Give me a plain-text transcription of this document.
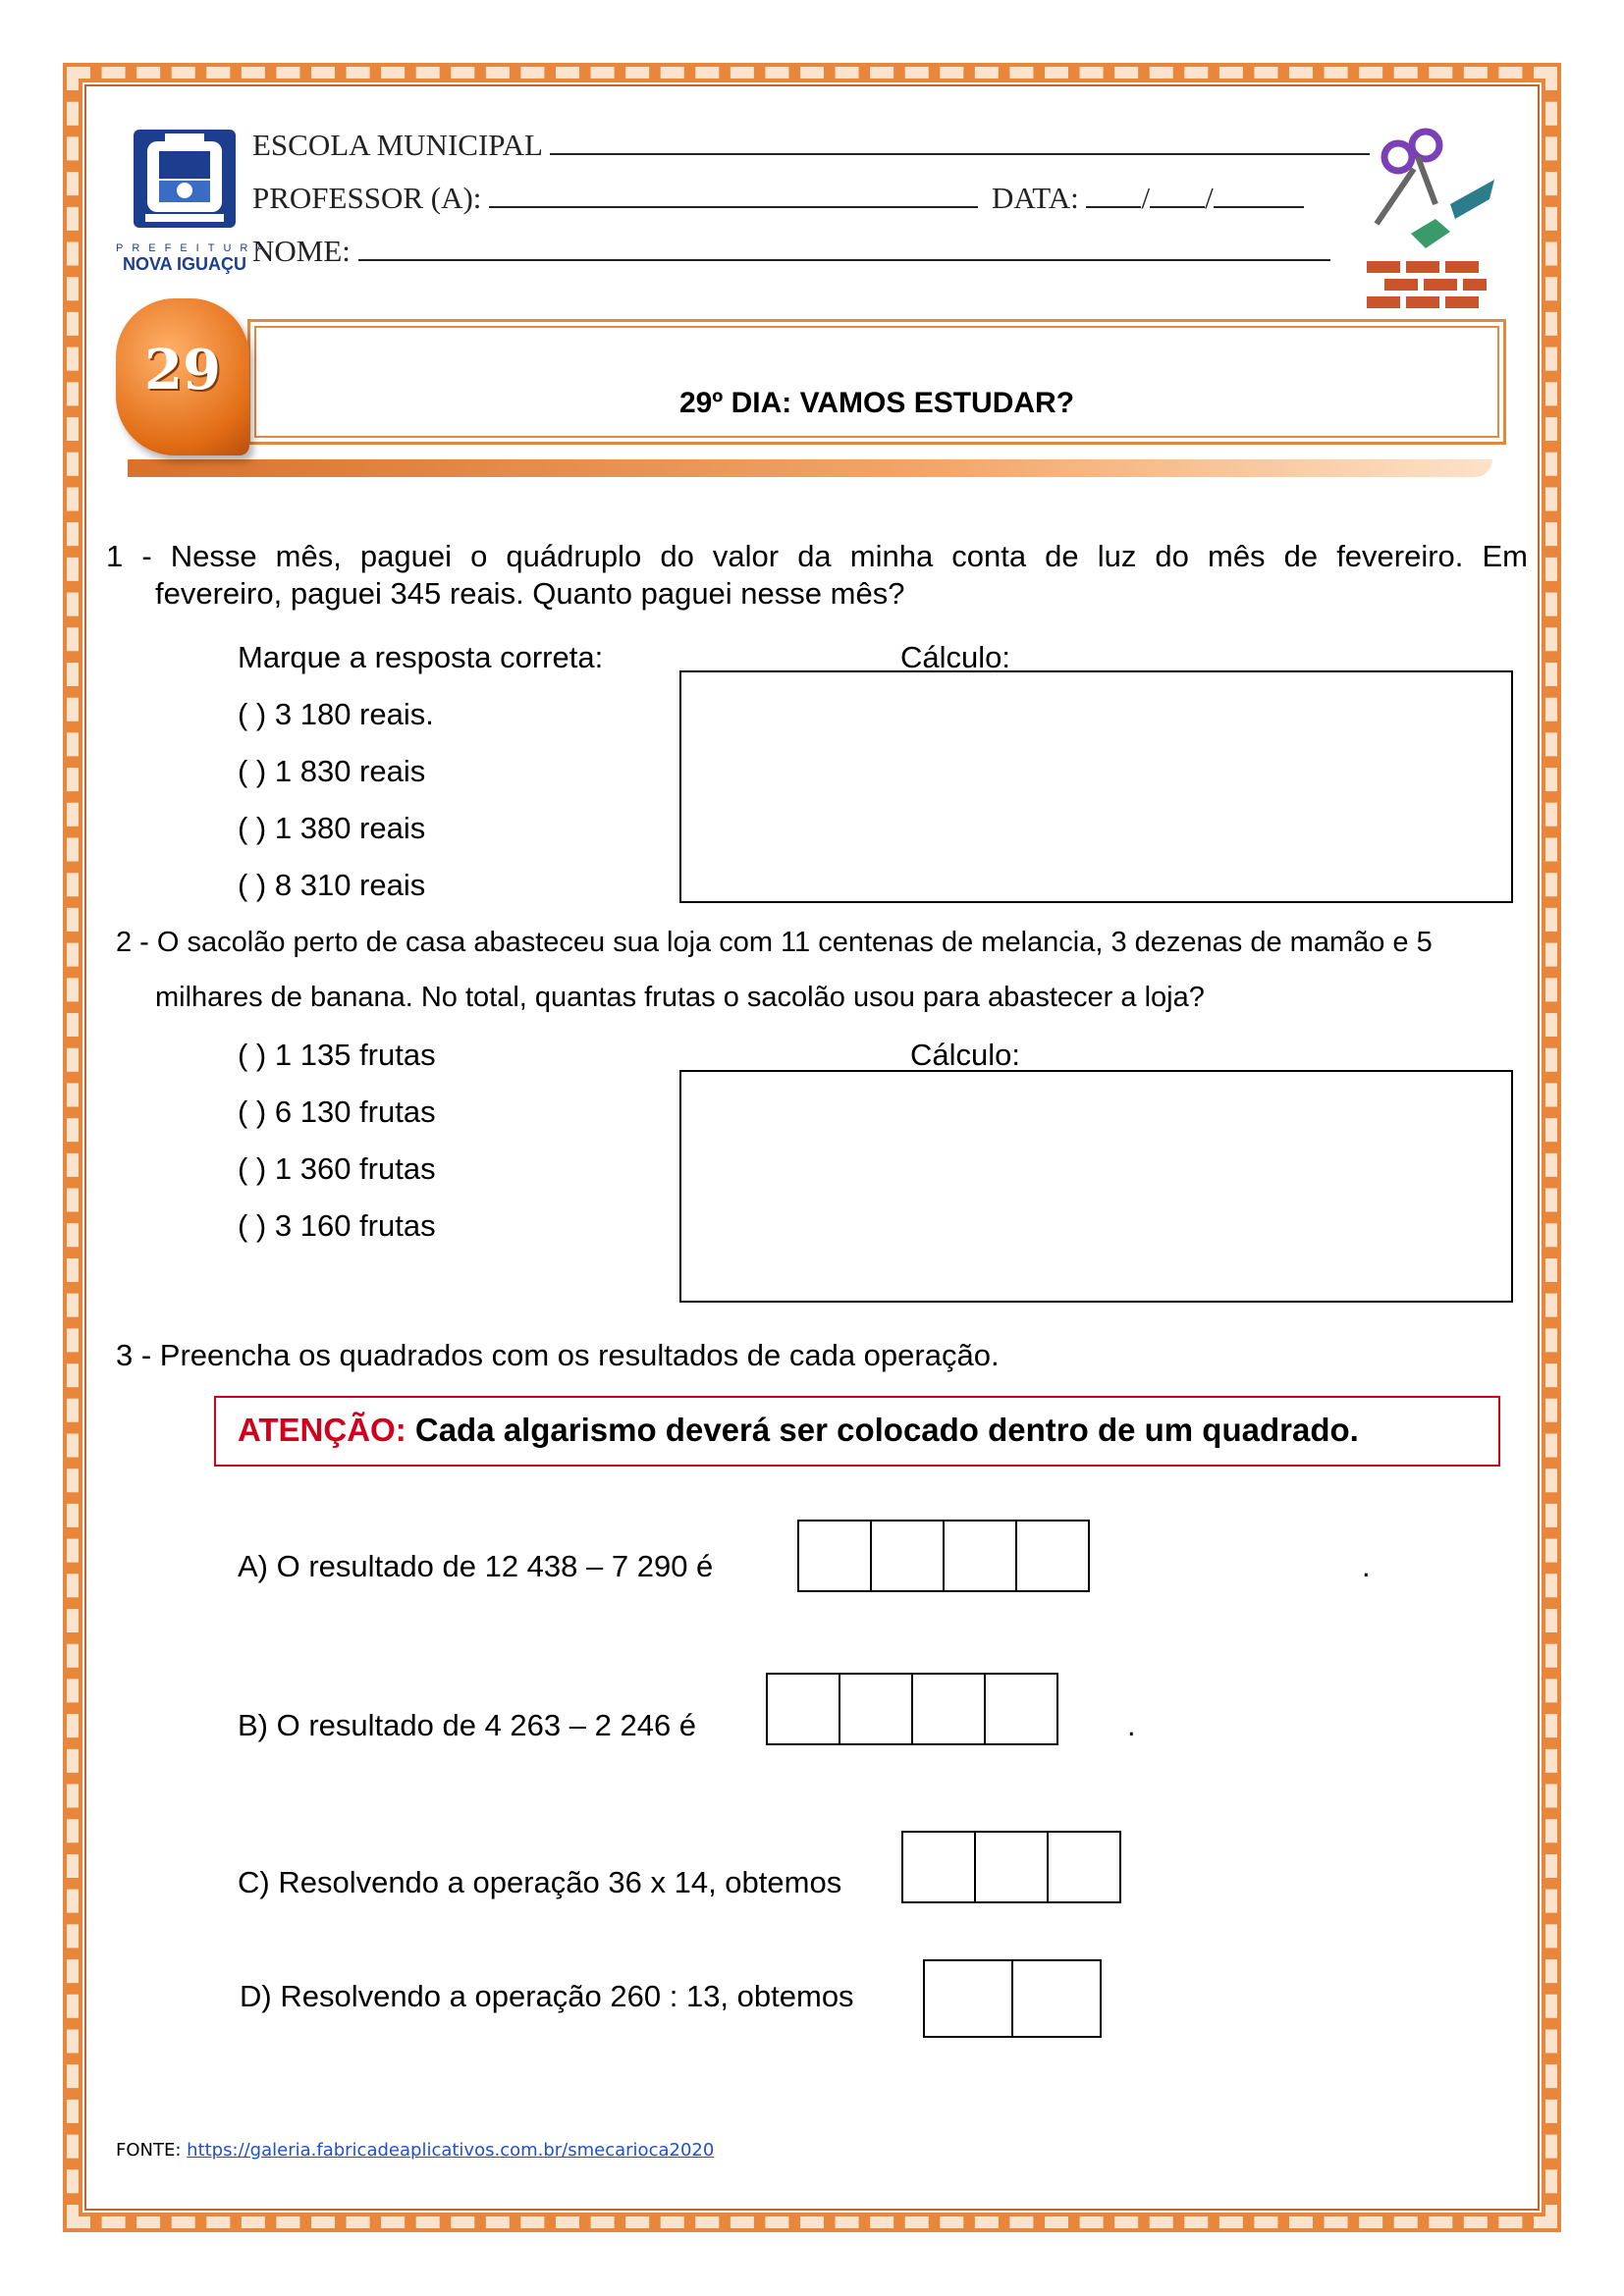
PREFEITURA
NOVA IGUAÇU
ESCOLA MUNICIPAL
PROFESSOR (A):	DATA: / /
NOME:
29º DIA: VAMOS ESTUDAR?
29
1 - Nesse mês, paguei o quádruplo do valor da minha conta de luz do mês de fevereiro. Em
fevereiro, paguei 345 reais. Quanto paguei nesse mês?
Marque a resposta correta:	Cálculo:
( ) 3 180 reais.
( ) 1 830 reais
( ) 1 380 reais
( ) 8 310 reais
2 - O sacolão perto de casa abasteceu sua loja com 11 centenas de melancia, 3 dezenas de mamão e 5
milhares de banana. No total, quantas frutas o sacolão usou para abastecer a loja?
( ) 1 135 frutas	Cálculo:
( ) 6 130 frutas
( ) 1 360 frutas
( ) 3 160 frutas
3 - Preencha os quadrados com os resultados de cada operação.
ATENÇÃO: Cada algarismo deverá ser colocado dentro de um quadrado.
A) O resultado de 12 438 – 7 290 é	.
B) O resultado de 4 263 – 2 246 é	.
C) Resolvendo a operação 36 x 14, obtemos
D) Resolvendo a operação 260 : 13, obtemos
FONTE: https://galeria.fabricadeaplicativos.com.br/smecarioca2020
